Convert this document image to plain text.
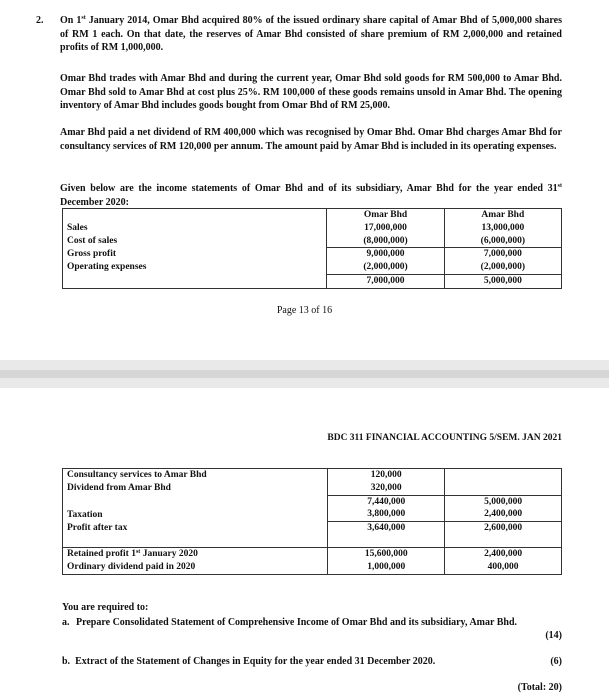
2. On 1st January 2014, Omar Bhd acquired 80% of the issued ordinary share capital of Amar Bhd of 5,000,000 shares of RM 1 each. On that date, the reserves of Amar Bhd consisted of share premium of RM 2,000,000 and retained profits of RM 1,000,000.

Omar Bhd trades with Amar Bhd and during the current year, Omar Bhd sold goods for RM 500,000 to Amar Bhd. Omar Bhd sold to Amar Bhd at cost plus 25%. RM 100,000 of these goods remains unsold in Amar Bhd. The opening inventory of Amar Bhd includes goods bought from Omar Bhd of RM 25,000.

Amar Bhd paid a net dividend of RM 400,000 which was recognised by Omar Bhd. Omar Bhd charges Amar Bhd for consultancy services of RM 120,000 per annum. The amount paid by Amar Bhd is included in its operating expenses.

Given below are the income statements of Omar Bhd and of its subsidiary, Amar Bhd for the year ended 31st December 2020:

	Omar Bhd	Amar Bhd
Sales	17,000,000	13,000,000
Cost of sales	(8,000,000)	(6,000,000)
Gross profit	9,000,000	7,000,000
Operating expenses	(2,000,000)	(2,000,000)
	7,000,000	5,000,000
Page 13 of 16
BDC 311 FINANCIAL ACCOUNTING 5/SEM. JAN 2021
Consultancy services to Amar Bhd	120,000	
Dividend from Amar Bhd	320,000	
	7,440,000	5,000,000
Taxation	3,800,000	2,400,000
Profit after tax	3,640,000	2,600,000

Retained profit 1st January 2020	15,600,000	2,400,000
Ordinary dividend paid in 2020	1,000,000	400,000
You are required to:
a. Prepare Consolidated Statement of Comprehensive Income of Omar Bhd and its subsidiary, Amar Bhd.
(14)
b. Extract of the Statement of Changes in Equity for the year ended 31 December 2020.	(6)
(Total: 20)
